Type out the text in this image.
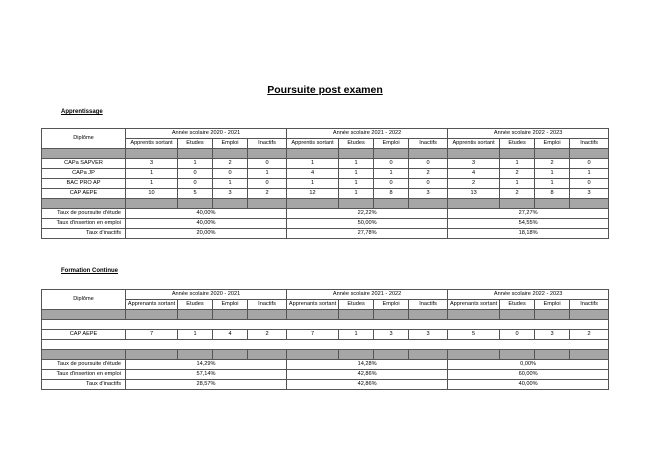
Poursuite post examen
Apprentissage
Diplôme	Année scolaire 2020 - 2021				Année scolaire 2021 - 2022				Année scolaire 2022 - 2023			
	Apprentis sortant	Etudes	Emploi	Inactifs	Apprentis sortant	Etudes	Emploi	Inactifs	Apprentis sortant	Etudes	Emploi	Inactifs

CAPa SAPVER	3	1	2	0	1	1	0	0	3	1	2	0
CAPa JP	1	0	0	1	4	1	1	2	4	2	1	1
BAC PRO AP	1	0	1	0	1	1	0	0	2	1	1	0
CAP AEPE	10	5	3	2	12	1	8	3	13	2	8	3

Taux de poursuite d'étude	40,00%				22,22%				27,27%			
Taux d'insertion en emploi	40,00%				50,00%				54,55%			
Taux d'inactifs	20,00%				27,78%				18,18%			
Formation Continue
Diplôme	Année scolaire 2020 - 2021				Année scolaire 2021 - 2022				Année scolaire 2022 - 2023			
	Apprenants sortant	Etudes	Emploi	Inactifs	Apprenants sortant	Etudes	Emploi	Inactifs	Apprenants sortant	Etudes	Emploi	Inactifs

CAP AEPE	7	1	4	2	7	1	3	3	5	0	3	2

Taux de poursuite d'étude	14,29%				14,28%				0,00%			
Taux d'insertion en emploi	57,14%				42,86%				60,00%			
Taux d'inactifs	28,57%				42,86%				40,00%			
